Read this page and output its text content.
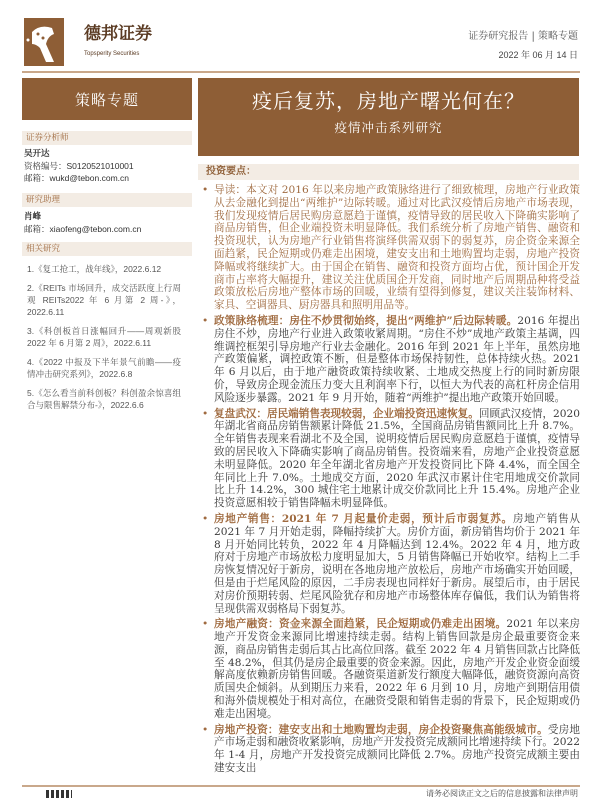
德邦证券
Topsperity Securities
证券研究报告 | 策略专题
2022 年 06 月 14 日
策略专题	疫后复苏，房地产曙光何在？
疫情冲击系列研究
证券分析师
吴开达
资格编号：S0120521010001
邮箱：wukd@tebon.com.cn
研究助理
肖峰
邮箱：xiaofeng@tebon.com.cn
相关研究
1.《复工抢工，战年线》，2022.6.12
2.《REITs 市场回升，成交活跃度上行周观 REITs2022 年 6 月第 2 周-》，2022.6.11
3.《科创板首日涨幅回升——周观新股 2022 年 6 月第 2 周》，2022.6.11
4.《2022 中报及下半年景气前瞻——疫情冲击研究系列》，2022.6.8
5.《怎么看当前科创板？科创盈余惊喜组合与限售解禁分布-》，2022.6.6
投资要点：
• 导读：本文对 2016 年以来房地产政策脉络进行了细致梳理，房地产行业政策从去金融化到提出“两维护”边际转暖。通过对比武汉疫情后房地产市场表现，我们发现疫情后居民购房意愿趋于谨慎，疫情导致的居民收入下降确实影响了商品房销售，但企业端投资未明显降低。我们系统分析了房地产销售、融资和投资现状，认为房地产行业销售将演绎供需双弱下的弱复苏，房企资金来源全面趋紧，民企短期或仍难走出困境，建安支出和土地购置均走弱，房地产投资降幅或将继续扩大。由于国企在销售、融资和投资方面均占优，预计国企开发商市占率将大幅提升，建议关注优质国企开发商，同时地产后周期品种将受益政策放松后房地产整体市场的回暖，业绩有望得到修复，建议关注装饰材料、家具、空调器具、厨房器具和照明用品等。
• 政策脉络梳理：房住不炒贯彻始终，提出“两维护”后边际转暖。2016 年提出房住不炒，房地产行业进入政策收紧周期。“房住不炒”成地产政策主基调，四维调控框架引导房地产行业去金融化。2016 年到 2021 年上半年，虽然房地产政策偏紧，调控政策不断，但是整体市场保持韧性，总体持续火热。2021 年 6 月以后，由于地产融资政策持续收紧、土地成交热度上行的同时新房限价，导致房企现金流压力变大且利润率下行，以恒大为代表的高杠杆房企信用风险逐步暴露。2021 年 9 月开始，随着“两维护”提出地产政策开始回暖。
• 复盘武汉：居民端销售表现较弱，企业端投资迅速恢复。回顾武汉疫情，2020 年湖北省商品房销售额累计降低 21.5%，全国商品房销售额同比上升 8.7%。全年销售表现来看湖北不及全国，说明疫情后居民购房意愿趋于谨慎，疫情导致的居民收入下降确实影响了商品房销售。投资端来看，房地产企业投资意愿未明显降低。2020 年全年湖北省房地产开发投资同比下降 4.4%，而全国全年同比上升 7.0%。土地成交方面，2020 年武汉市累计住宅用地成交价款同比上升 14.2%，300 城住宅土地累计成交价款同比上升 15.4%。房地产企业投资意愿相较于销售降幅未明显降低。
• 房地产销售：2021 年 7 月起量价走弱，预计后市弱复苏。房地产销售从 2021 年 7 月开始走弱，降幅持续扩大。房价方面，新房销售均价于 2021 年 8 月开始同比转负，2022 年 4 月降幅达到 12.4%。2022 年 4 月，地方政府对于房地产市场放松力度明显加大，5 月销售降幅已开始收窄。结构上二手房恢复情况好于新房，说明在各地房地产放松后，房地产市场确实开始回暖，但是由于烂尾风险的原因，二手房表现也同样好于新房。展望后市，由于居民对房价预期转弱、烂尾风险犹存和房地产市场整体库存偏低，我们认为销售将呈现供需双弱格局下弱复苏。
• 房地产融资：资金来源全面趋紧，民企短期或仍难走出困境。2021 年以来房地产开发资金来源同比增速持续走弱。结构上销售回款是房企最重要资金来源，商品房销售走弱后其占比高位回落。截至 2022 年 4 月销售回款占比降低至 48.2%，但其仍是房企最重要的资金来源。因此，房地产开发企业资金面缓解高度依赖新房销售回暖。各融资渠道新发行额度大幅降低，融资资源向高资质国央企倾斜。从到期压力来看，2022 年 6 月到 10 月，房地产到期信用债和海外债规模处于相对高位，在融资受限和销售走弱的背景下，民企短期或仍难走出困境。
• 房地产投资：建安支出和土地购置均走弱，房企投资聚焦高能级城市。受房地产市场走弱和融资收紧影响，房地产开发投资完成额同比增速持续下行。2022 年 1-4 月，房地产开发投资完成额同比降低 2.7%。房地产投资完成额主要由建安支出
请务必阅读正文之后的信息披露和法律声明
